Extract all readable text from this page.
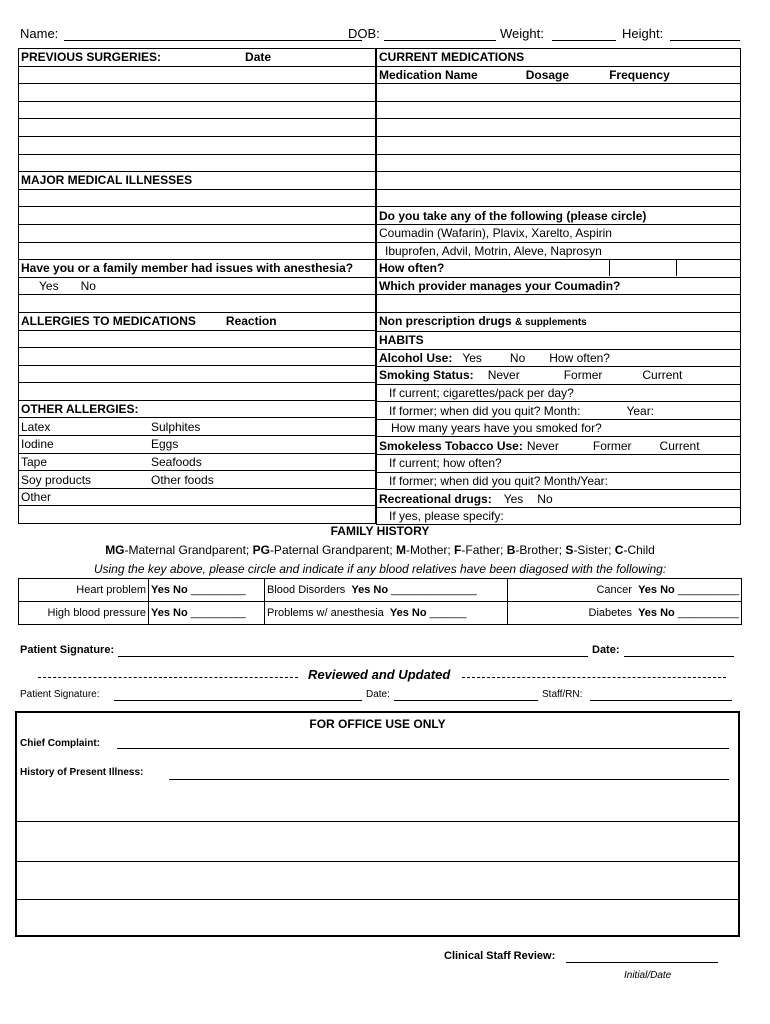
Name:	DOB:	Weight:	Height:
PREVIOUS SURGERIES:	Date

MAJOR MEDICAL ILLNESSES

Have you or a family member had issues with anesthesia?
Yes No

ALLERGIES TO MEDICATIONS	Reaction

OTHER ALLERGIES:
Latex	Sulphites
Iodine	Eggs
Tape	Seafoods
Soy products	Other foods
Other

CURRENT MEDICATIONS
Medication Name	Dosage	Frequency

Do you take any of the following (please circle)
Coumadin (Wafarin), Plavix, Xarelto, Aspirin
Ibuprofen, Advil, Motrin, Aleve, Naprosyn
How often?

Which provider manages your Coumadin?

Non prescription drugs & supplements
HABITS
Alcohol Use: Yes No How often?
Smoking Status: Never	Former	Current
If current; cigarettes/pack per day?
If former; when did you quit? Month:	Year:
How many years have you smoked for?
Smokeless Tobacco Use: Never	Former Current
If current; how often?
If former; when did you quit? Month/Year:
Recreational drugs: Yes No
If yes, please specify:
FAMILY HISTORY
MG-Maternal Grandparent; PG-Paternal Grandparent; M-Mother; F-Father; B-Brother; S-Sister; C-Child
Using the key above, please circle and indicate if any blood relatives have been diagosed with the following:
Heart problem	Yes No _________	Blood Disorders Yes No ______________	Cancer Yes No __________
High blood pressure	Yes No _________	Problems w/ anesthesia Yes No ______	Diabetes Yes No __________
Patient Signature:	Date:
Reviewed and Updated
Patient Signature:	Date:	Staff/RN:
FOR OFFICE USE ONLY
Chief Complaint:
History of Present Illness:
Clinical Staff Review:
Initial/Date
